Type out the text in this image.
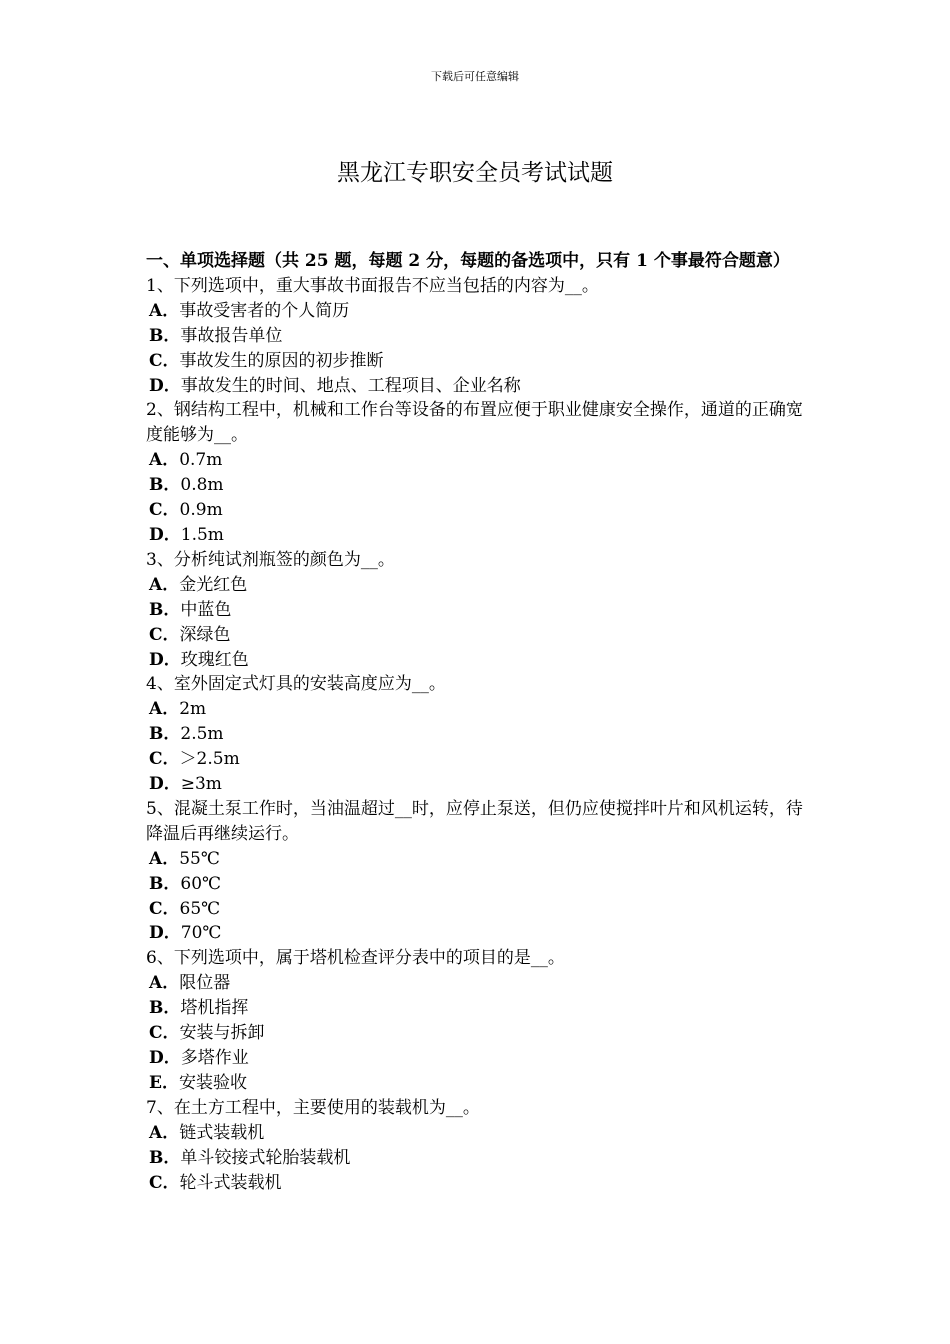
下载后可任意编辑
黑龙江专职安全员考试试题
一、单项选择题（共 25 题，每题 2 分，每题的备选项中，只有 1 个事最符合题意）
1、下列选项中，重大事故书面报告不应当包括的内容为__。
A．事故受害者的个人简历
B．事故报告单位
C．事故发生的原因的初步推断
D．事故发生的时间、地点、工程项目、企业名称
2、钢结构工程中，机械和工作台等设备的布置应便于职业健康安全操作，通道的正确宽度能够为__。
A．0.7m
B．0.8m
C．0.9m
D．1.5m
3、分析纯试剂瓶签的颜色为__。
A．金光红色
B．中蓝色
C．深绿色
D．玫瑰红色
4、室外固定式灯具的安装高度应为__。
A．2m
B．2.5m
C．＞2.5m
D．≥3m
5、混凝土泵工作时，当油温超过__时，应停止泵送，但仍应使搅拌叶片和风机运转，待降温后再继续运行。
A．55℃
B．60℃
C．65℃
D．70℃
6、下列选项中，属于塔机检查评分表中的项目的是__。
A．限位器
B．塔机指挥
C．安装与拆卸
D．多塔作业
E．安装验收
7、在土方工程中，主要使用的装载机为__。
A．链式装载机
B．单斗铰接式轮胎装载机
C．轮斗式装载机
